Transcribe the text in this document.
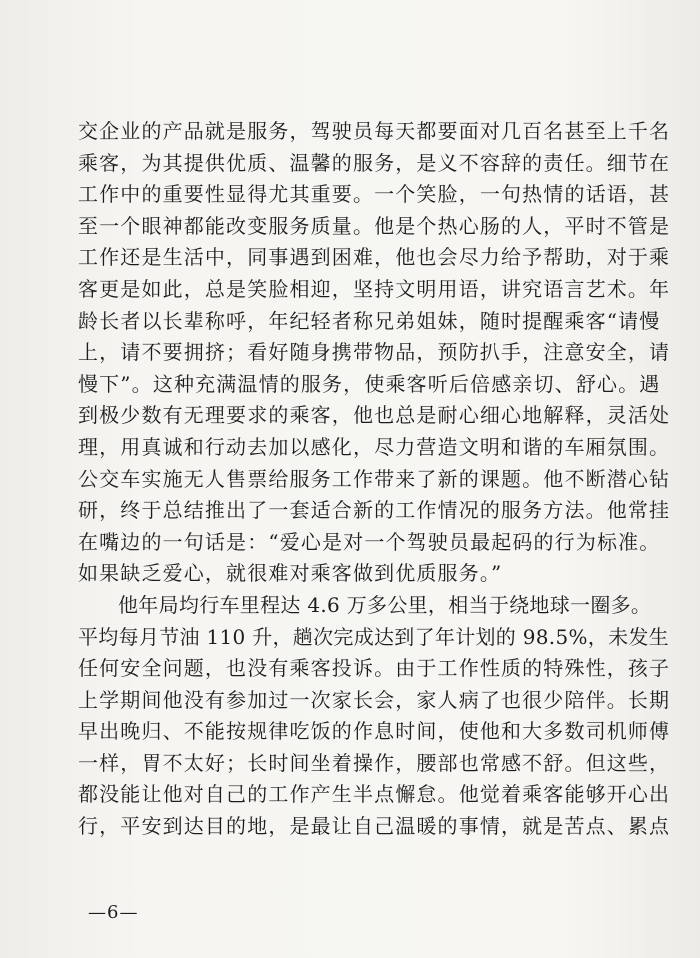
交企业的产品就是服务，驾驶员每天都要面对几百名甚至上千名
乘客，为其提供优质、温馨的服务，是义不容辞的责任。细节在
工作中的重要性显得尤其重要。一个笑脸，一句热情的话语，甚
至一个眼神都能改变服务质量。他是个热心肠的人，平时不管是
工作还是生活中，同事遇到困难，他也会尽力给予帮助，对于乘
客更是如此，总是笑脸相迎，坚持文明用语，讲究语言艺术。年
龄长者以长辈称呼，年纪轻者称兄弟姐妹，随时提醒乘客“请慢
上，请不要拥挤；看好随身携带物品，预防扒手，注意安全，请
慢下”。这种充满温情的服务，使乘客听后倍感亲切、舒心。遇
到极少数有无理要求的乘客，他也总是耐心细心地解释，灵活处
理，用真诚和行动去加以感化，尽力营造文明和谐的车厢氛围。
公交车实施无人售票给服务工作带来了新的课题。他不断潜心钻
研，终于总结推出了一套适合新的工作情况的服务方法。他常挂
在嘴边的一句话是：“爱心是对一个驾驶员最起码的行为标准。
如果缺乏爱心，就很难对乘客做到优质服务。”
他年局均行车里程达 4.6 万多公里，相当于绕地球一圈多。
平均每月节油 110 升，趟次完成达到了年计划的 98.5%，未发生
任何安全问题，也没有乘客投诉。由于工作性质的特殊性，孩子
上学期间他没有参加过一次家长会，家人病了也很少陪伴。长期
早出晚归、不能按规律吃饭的作息时间，使他和大多数司机师傅
一样，胃不太好；长时间坐着操作，腰部也常感不舒。但这些，
都没能让他对自己的工作产生半点懈怠。他觉着乘客能够开心出
行，平安到达目的地，是最让自己温暖的事情，就是苦点、累点
—6—
